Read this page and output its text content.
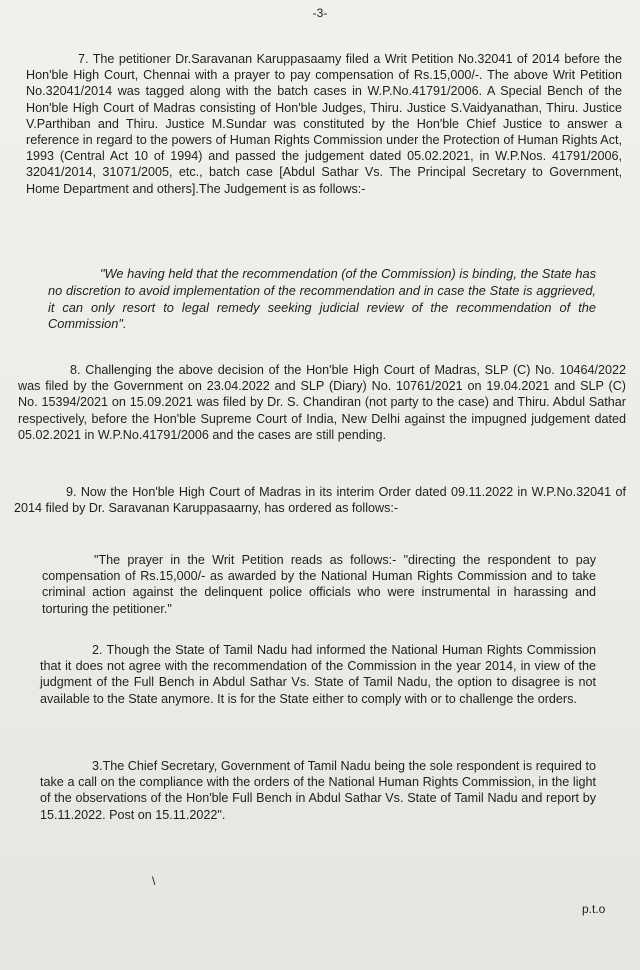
-3-

7. The petitioner Dr.Saravanan Karuppasaamy filed a Writ Petition No.32041 of 2014 before the Hon'ble High Court, Chennai with a prayer to pay compensation of Rs.15,000/-. The above Writ Petition No.32041/2014 was tagged along with the batch cases in W.P.No.41791/2006. A Special Bench of the Hon'ble High Court of Madras consisting of Hon'ble Judges, Thiru. Justice S.Vaidyanathan, Thiru. Justice V.Parthiban and Thiru. Justice M.Sundar was constituted by the Hon'ble Chief Justice to answer a reference in regard to the powers of Human Rights Commission under the Protection of Human Rights Act, 1993 (Central Act 10 of 1994) and passed the judgement dated 05.02.2021, in W.P.Nos. 41791/2006, 32041/2014, 31071/2005, etc., batch case [Abdul Sathar Vs. The Principal Secretary to Government, Home Department and others].The Judgement is as follows:-

"We having held that the recommendation (of the Commission) is binding, the State has no discretion to avoid implementation of the recommendation and in case the State is aggrieved, it can only resort to legal remedy seeking judicial review of the recommendation of the Commission".

8. Challenging the above decision of the Hon'ble High Court of Madras, SLP (C) No. 10464/2022 was filed by the Government on 23.04.2022 and SLP (Diary) No. 10761/2021 on 19.04.2021 and SLP (C) No. 15394/2021 on 15.09.2021 was filed by Dr. S. Chandiran (not party to the case) and Thiru. Abdul Sathar respectively, before the Hon'ble Supreme Court of India, New Delhi against the impugned judgement dated 05.02.2021 in W.P.No.41791/2006 and the cases are still pending.

9. Now the Hon'ble High Court of Madras in its interim Order dated 09.11.2022 in W.P.No.32041 of 2014 filed by Dr. Saravanan Karuppasaarny, has ordered as follows:-

"The prayer in the Writ Petition reads as follows:- "directing the respondent to pay compensation of Rs.15,000/- as awarded by the National Human Rights Commission and to take criminal action against the delinquent police officials who were instrumental in harassing and torturing the petitioner."

2. Though the State of Tamil Nadu had informed the National Human Rights Commission that it does not agree with the recommendation of the Commission in the year 2014, in view of the judgment of the Full Bench in Abdul Sathar Vs. State of Tamil Nadu, the option to disagree is not available to the State anymore. It is for the State either to comply with or to challenge the orders.

3.The Chief Secretary, Government of Tamil Nadu being the sole respondent is required to take a call on the compliance with the orders of the National Human Rights Commission, in the light of the observations of the Hon'ble Full Bench in Abdul Sathar Vs. State of Tamil Nadu and report by 15.11.2022. Post on 15.11.2022".

\
p.t.o
